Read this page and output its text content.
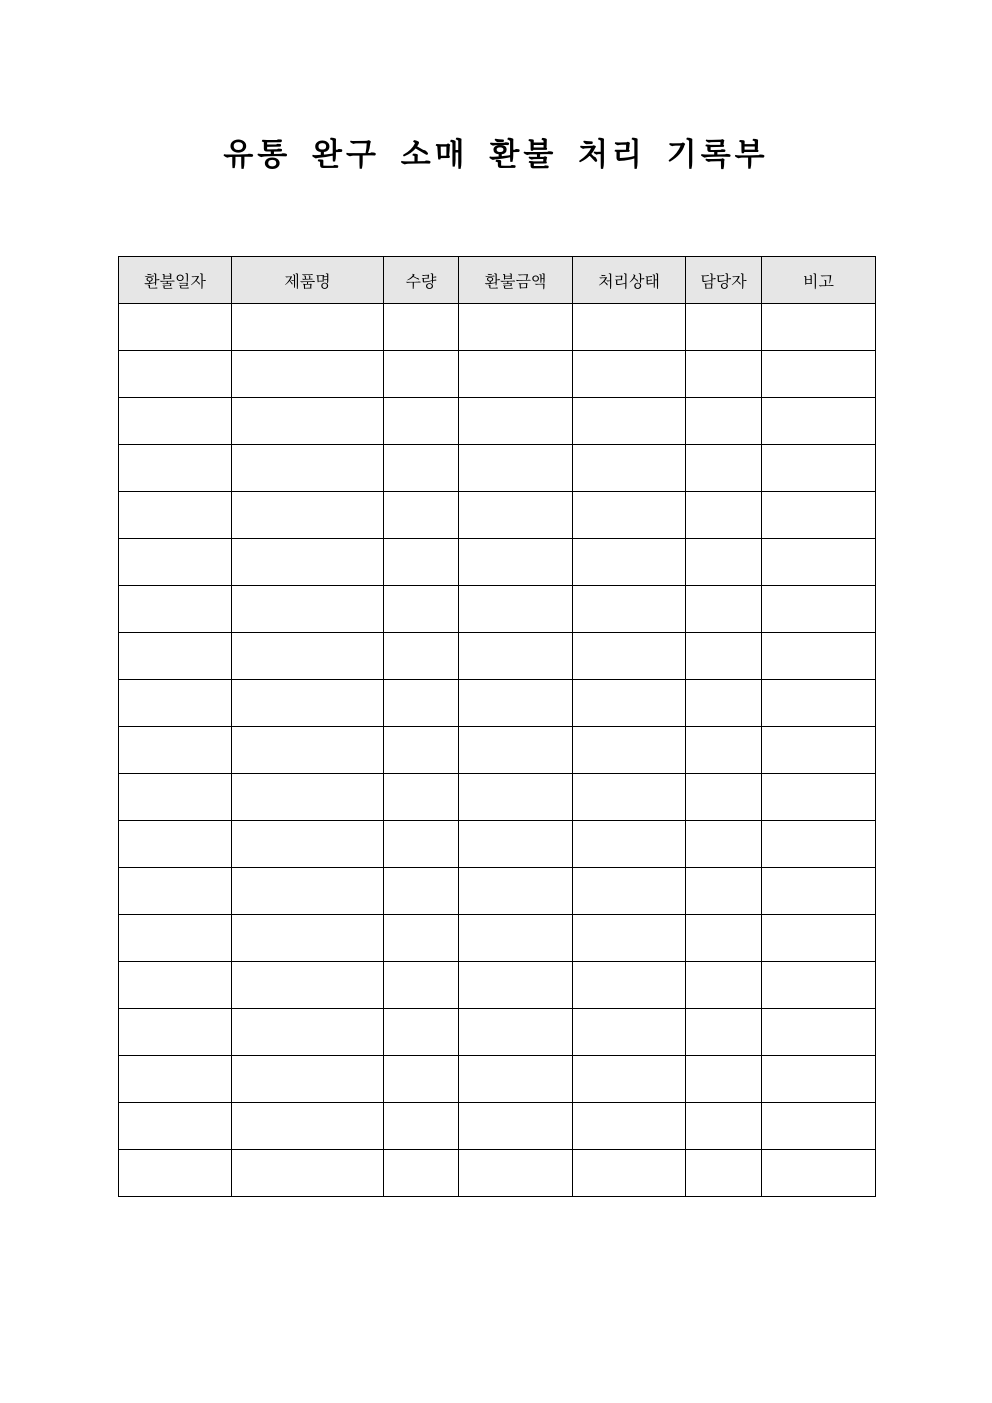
유통 완구 소매 환불 처리 기록부
환불일자	제품명	수량	환불금액	처리상태	담당자	비고
